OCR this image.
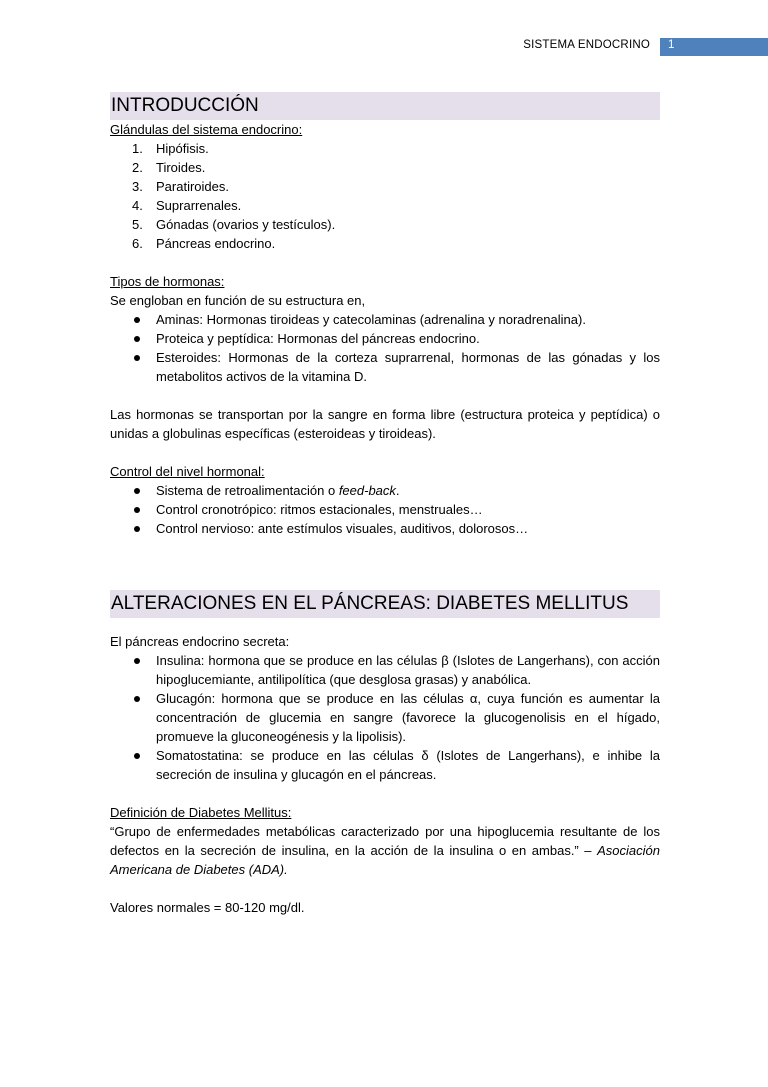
SISTEMA ENDOCRINO 1
INTRODUCCIÓN

Glándulas del sistema endocrino:

1. Hipófisis.
2. Tiroides.
3. Paratiroides.
4. Suprarrenales.
5. Gónadas (ovarios y testículos).
6. Páncreas endocrino.

Tipos de hormonas:

Se engloban en función de su estructura en,

Aminas: Hormonas tiroideas y catecolaminas (adrenalina y noradrenalina).
Proteica y peptídica: Hormonas del páncreas endocrino.
Esteroides: Hormonas de la corteza suprarrenal, hormonas de las gónadas y los metabolitos activos de la vitamina D.

Las hormonas se transportan por la sangre en forma libre (estructura proteica y peptídica) o unidas a globulinas específicas (esteroideas y tiroideas).

Control del nivel hormonal:

Sistema de retroalimentación o feed-back.
Control cronotrópico: ritmos estacionales, menstruales…
Control nervioso: ante estímulos visuales, auditivos, dolorosos…
ALTERACIONES EN EL PÁNCREAS: DIABETES MELLITUS

El páncreas endocrino secreta:

Insulina: hormona que se produce en las células β (Islotes de Langerhans), con acción hipoglucemiante, antilipolítica (que desglosa grasas) y anabólica.
Glucagón: hormona que se produce en las células α, cuya función es aumentar la concentración de glucemia en sangre (favorece la glucogenolisis en el hígado, promueve la gluconeogénesis y la lipolisis).
Somatostatina: se produce en las células δ (Islotes de Langerhans), e inhibe la secreción de insulina y glucagón en el páncreas.

Definición de Diabetes Mellitus:

“Grupo de enfermedades metabólicas caracterizado por una hipoglucemia resultante de los defectos en la secreción de insulina, en la acción de la insulina o en ambas.” – Asociación Americana de Diabetes (ADA).

Valores normales = 80-120 mg/dl.
